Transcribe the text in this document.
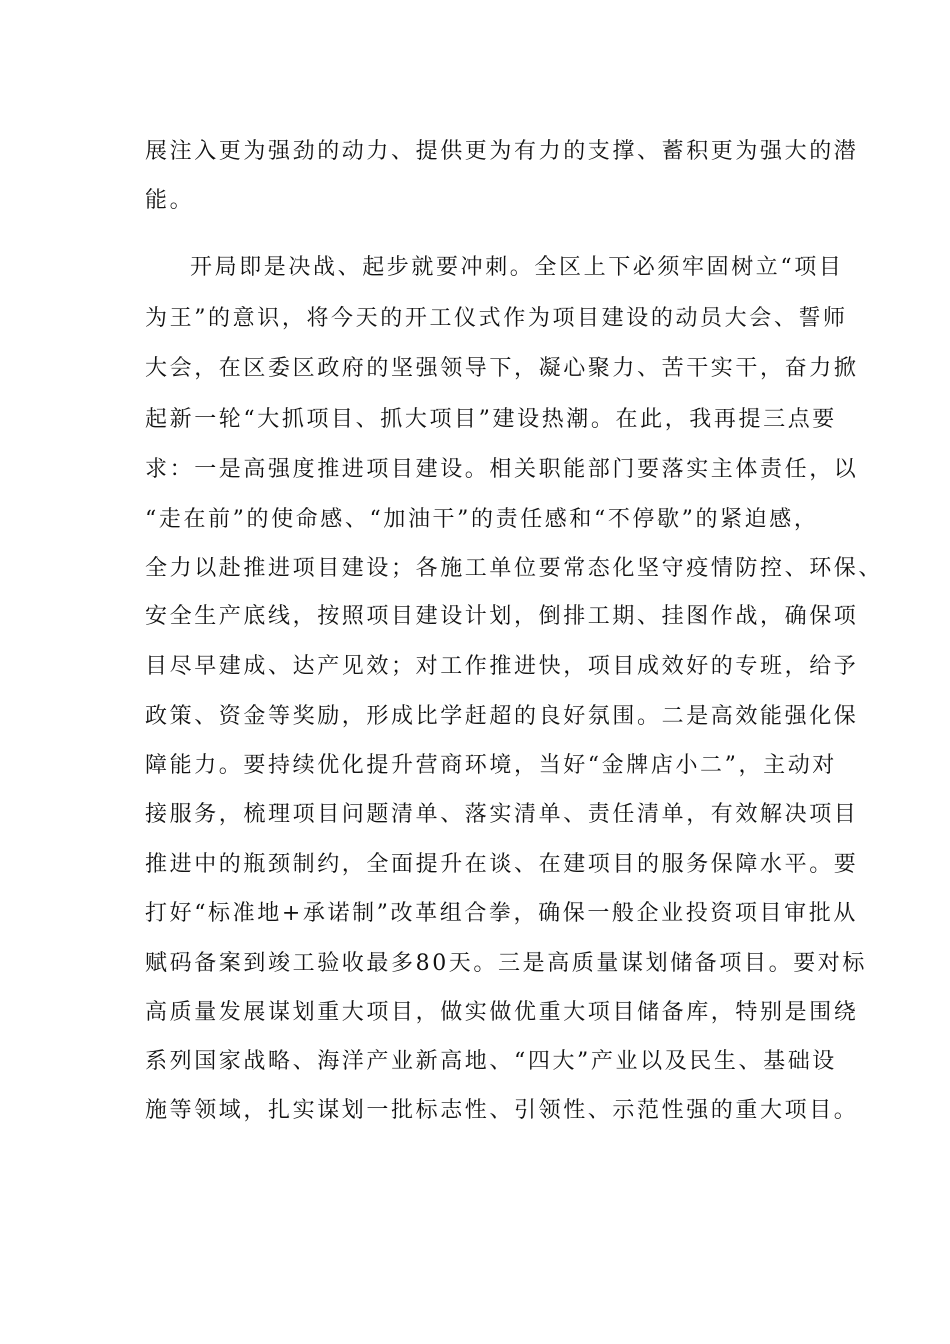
展注入更为强劲的动力、提供更为有力的支撑、蓄积更为强大的潜
能。
开局即是决战、起步就要冲刺。全区上下必须牢固树立“项目
为王”的意识，将今天的开工仪式作为项目建设的动员大会、誓师
大会，在区委区政府的坚强领导下，凝心聚力、苦干实干，奋力掀
起新一轮“大抓项目、抓大项目”建设热潮。在此，我再提三点要
求：一是高强度推进项目建设。相关职能部门要落实主体责任，以
“走在前”的使命感、“加油干”的责任感和“不停歇”的紧迫感，
全力以赴推进项目建设；各施工单位要常态化坚守疫情防控、环保、
安全生产底线，按照项目建设计划，倒排工期、挂图作战，确保项
目尽早建成、达产见效；对工作推进快，项目成效好的专班，给予
政策、资金等奖励，形成比学赶超的良好氛围。二是高效能强化保
障能力。要持续优化提升营商环境，当好“金牌店小二”，主动对
接服务，梳理项目问题清单、落实清单、责任清单，有效解决项目
推进中的瓶颈制约，全面提升在谈、在建项目的服务保障水平。要
打好“标准地+承诺制”改革组合拳，确保一般企业投资项目审批从
赋码备案到竣工验收最多80天。三是高质量谋划储备项目。要对标
高质量发展谋划重大项目，做实做优重大项目储备库，特别是围绕
系列国家战略、海洋产业新高地、“四大”产业以及民生、基础设
施等领域，扎实谋划一批标志性、引领性、示范性强的重大项目。
